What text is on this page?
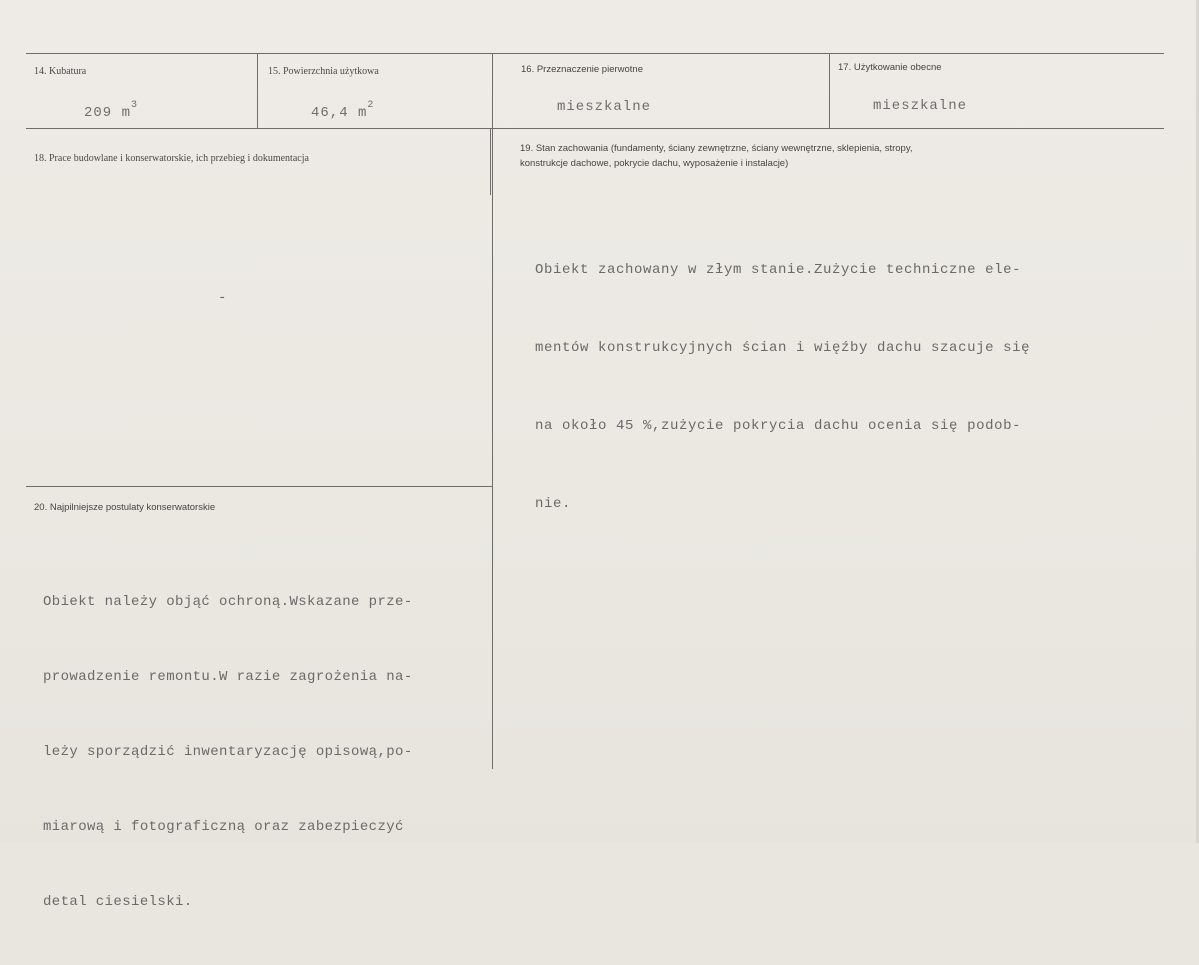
14. Kubatura
209 $m^3$
15. Powierzchnia użytkowa
46,4 $m^2$
16. Przeznaczenie pierwotne
mieszkalne
17. Użytkowanie obecne
mieszkalne
18. Prace budowlane i konserwatorskie, ich przebieg i dokumentacja
-
19. Stan zachowania (fundamenty, ściany zewnętrzne, ściany wewnętrzne, sklepienia, stropy,
konstrukcje dachowe, pokrycie dachu, wyposażenie i instalacje)

Obiekt zachowany w złym stanie.Zużycie techniczne ele-

mentów konstrukcyjnych ścian i więźby dachu szacuje się

na około 45 %,zużycie pokrycia dachu ocenia się podob-

nie.

20. Najpilniejsze postulaty konserwatorskie

Obiekt należy objąć ochroną.Wskazane prze-

prowadzenie remontu.W razie zagrożenia na-

leży sporządzić inwentaryzację opisową,po-

miarową i fotograficzną oraz zabezpieczyć

detal ciesielski.
